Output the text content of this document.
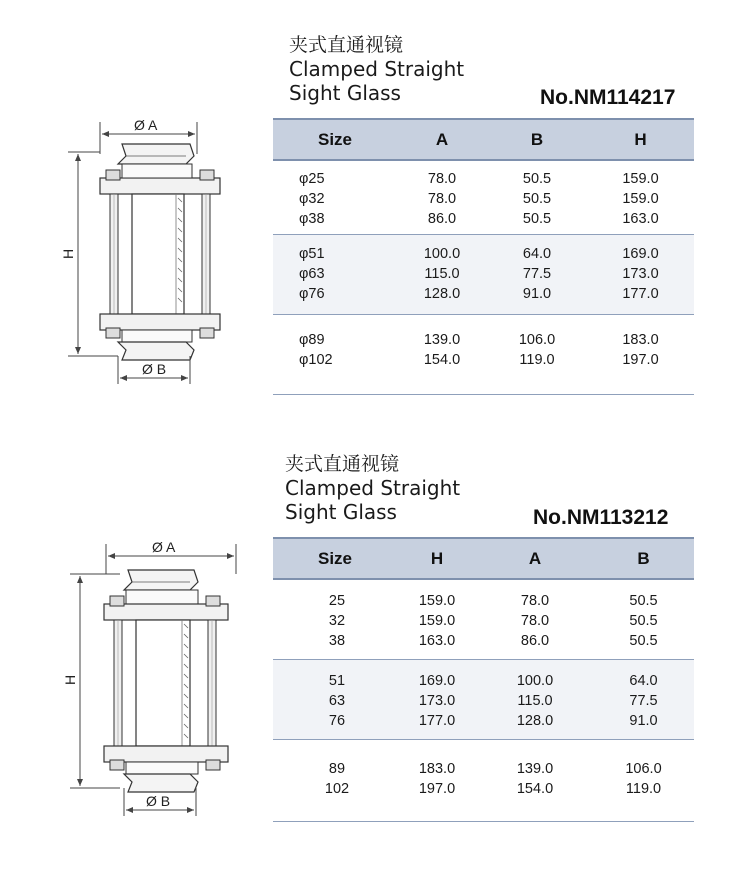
Ø A
H
Ø B
夹式直通视镜
Clamped Straight
Sight Glass	No.NM114217
Size	A	B	H
φ25	78.0	50.5	159.0
φ32	78.0	50.5	159.0
φ38	86.0	50.5	163.0
φ51	100.0	64.0	169.0
φ63	115.0	77.5	173.0
φ76	128.0	91.0	177.0
φ89	139.0	106.0	183.0
φ102	154.0	119.0	197.0
Ø A
H
Ø B
夹式直通视镜
Clamped Straight
Sight Glass	No.NM113212
Size	H	A	B
25	159.0	78.0	50.5
32	159.0	78.0	50.5
38	163.0	86.0	50.5
51	169.0	100.0	64.0
63	173.0	115.0	77.5
76	177.0	128.0	91.0
89	183.0	139.0	106.0
102	197.0	154.0	119.0
